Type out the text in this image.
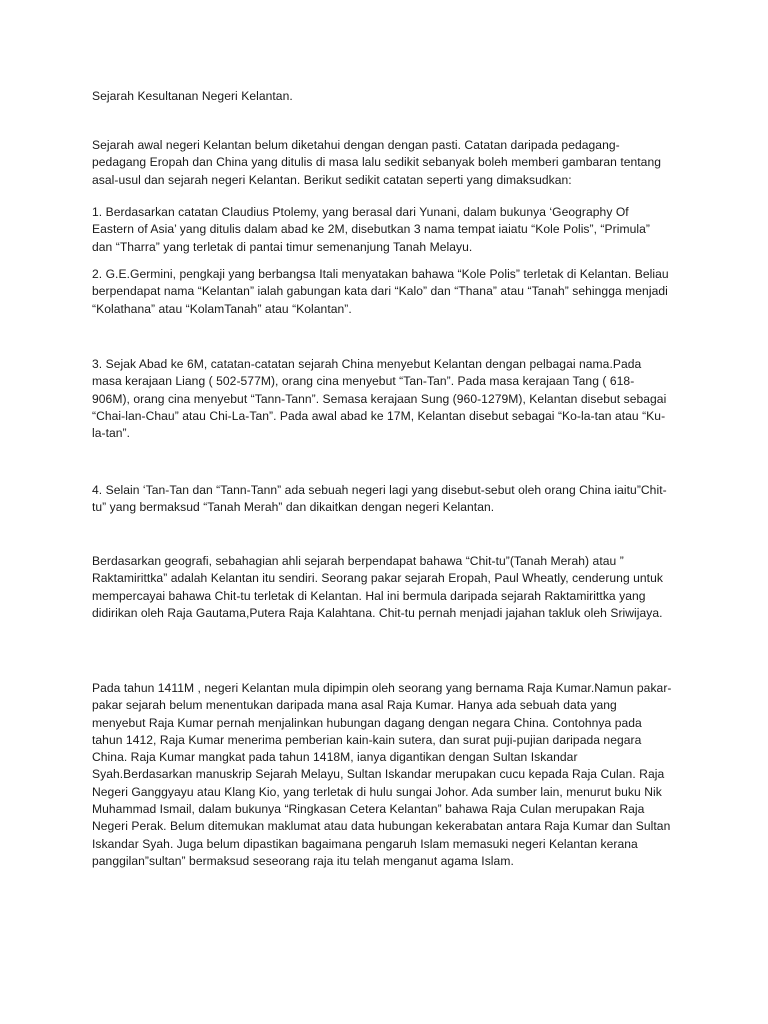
Sejarah Kesultanan Negeri Kelantan.

Sejarah awal negeri Kelantan belum diketahui dengan dengan pasti. Catatan daripada pedagang-pedagang Eropah dan China yang ditulis di masa lalu sedikit sebanyak boleh memberi gambaran tentang asal-usul dan sejarah negeri Kelantan. Berikut sedikit catatan seperti yang dimaksudkan:

1. Berdasarkan catatan Claudius Ptolemy, yang berasal dari Yunani, dalam bukunya ‘Geography Of Eastern of Asia’ yang ditulis dalam abad ke 2M, disebutkan 3 nama tempat iaiatu “Kole Polis”, “Primula” dan “Tharra” yang terletak di pantai timur semenanjung Tanah Melayu.

2. G.E.Germini, pengkaji yang berbangsa Itali menyatakan bahawa “Kole Polis” terletak di Kelantan. Beliau berpendapat nama “Kelantan” ialah gabungan kata dari “Kalo” dan “Thana” atau “Tanah” sehingga menjadi “Kolathana” atau “KolamTanah” atau “Kolantan”.

3. Sejak Abad ke 6M, catatan-catatan sejarah China menyebut Kelantan dengan pelbagai nama.Pada masa kerajaan Liang ( 502-577M), orang cina menyebut “Tan-Tan”. Pada masa kerajaan Tang ( 618-906M), orang cina menyebut “Tann-Tann”. Semasa kerajaan Sung (960-1279M), Kelantan disebut sebagai “Chai-lan-Chau” atau Chi-La-Tan”. Pada awal abad ke 17M, Kelantan disebut sebagai “Ko-la-tan atau “Ku-la-tan”.

4. Selain ‘Tan-Tan dan “Tann-Tann” ada sebuah negeri lagi yang disebut-sebut oleh orang China iaitu”Chit-tu” yang bermaksud “Tanah Merah” dan dikaitkan dengan negeri Kelantan.

Berdasarkan geografi, sebahagian ahli sejarah berpendapat bahawa “Chit-tu”(Tanah Merah) atau ” Raktamirittka” adalah Kelantan itu sendiri. Seorang pakar sejarah Eropah, Paul Wheatly, cenderung untuk mempercayai bahawa Chit-tu terletak di Kelantan. Hal ini bermula daripada sejarah Raktamirittka yang didirikan oleh Raja Gautama,Putera Raja Kalahtana. Chit-tu pernah menjadi jajahan takluk oleh Sriwijaya.

Pada tahun 1411M , negeri Kelantan mula dipimpin oleh seorang yang bernama Raja Kumar.Namun pakar-pakar sejarah belum menentukan daripada mana asal Raja Kumar. Hanya ada sebuah data yang menyebut Raja Kumar pernah menjalinkan hubungan dagang dengan negara China. Contohnya pada tahun 1412, Raja Kumar menerima pemberian kain-kain sutera, dan surat puji-pujian daripada negara China. Raja Kumar mangkat pada tahun 1418M, ianya digantikan dengan Sultan Iskandar Syah.Berdasarkan manuskrip Sejarah Melayu, Sultan Iskandar merupakan cucu kepada Raja Culan. Raja Negeri Ganggyayu atau Klang Kio, yang terletak di hulu sungai Johor. Ada sumber lain, menurut buku Nik Muhammad Ismail, dalam bukunya “Ringkasan Cetera Kelantan” bahawa Raja Culan merupakan Raja Negeri Perak. Belum ditemukan maklumat atau data hubungan kekerabatan antara Raja Kumar dan Sultan Iskandar Syah. Juga belum dipastikan bagaimana pengaruh Islam memasuki negeri Kelantan kerana panggilan”sultan” bermaksud seseorang raja itu telah menganut agama Islam.
